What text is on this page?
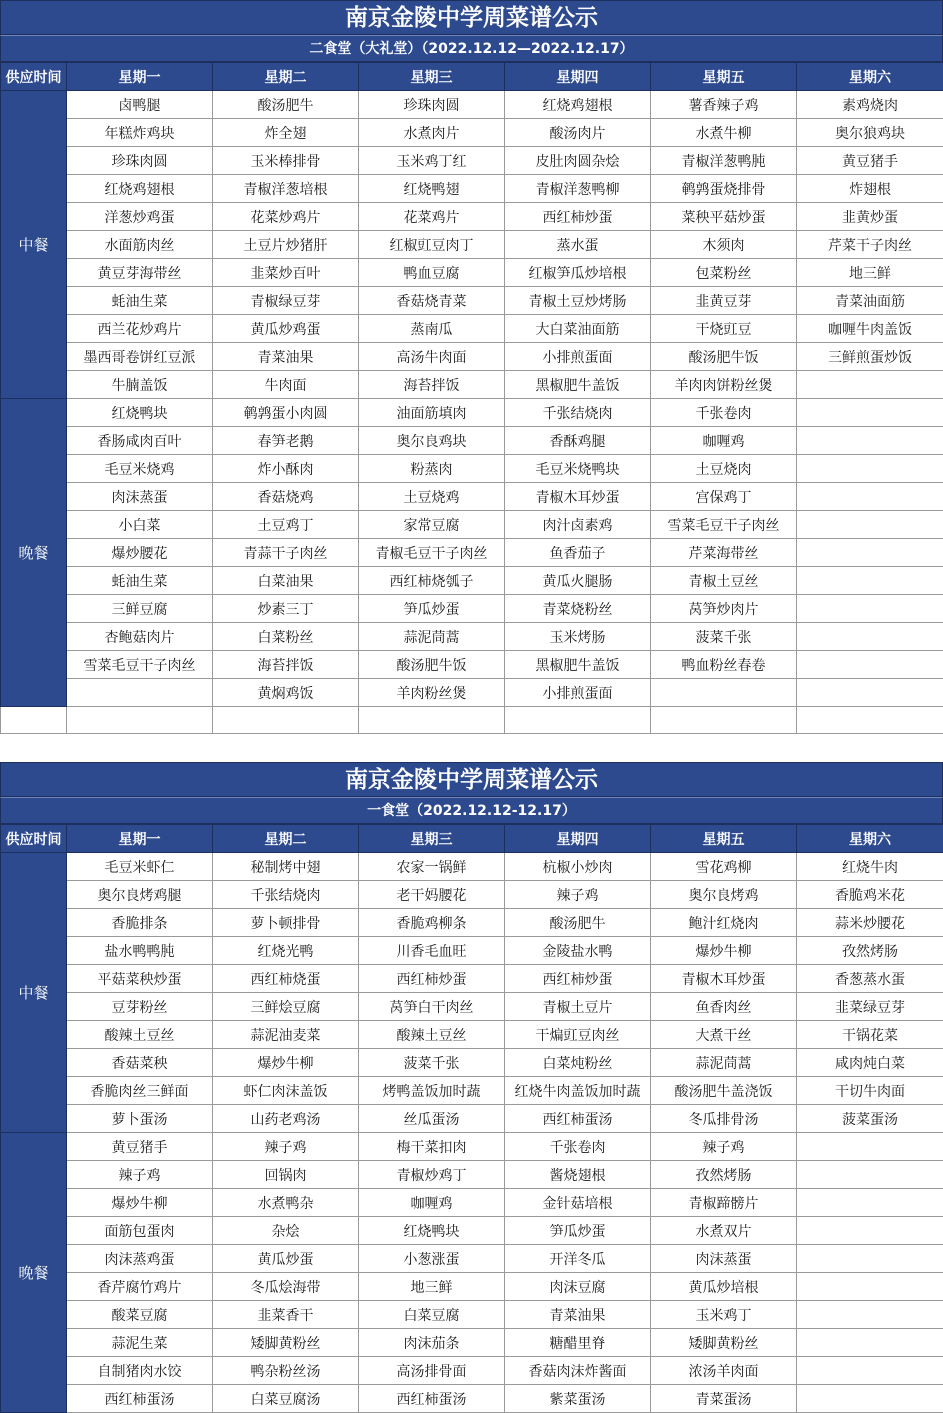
南京金陵中学周菜谱公示
二食堂（大礼堂）（2022.12.12—2022.12.17）
供应时间	星期一	星期二	星期三	星期四	星期五	星期六
中餐	卤鸭腿	酸汤肥牛	珍珠肉圆	红烧鸡翅根	薯香辣子鸡	素鸡烧肉
	年糕炸鸡块	炸全翅	水煮肉片	酸汤肉片	水煮牛柳	奥尔狼鸡块
	珍珠肉圆	玉米棒排骨	玉米鸡丁红	皮肚肉圆杂烩	青椒洋葱鸭肫	黄豆猪手
	红烧鸡翅根	青椒洋葱培根	红烧鸭翅	青椒洋葱鸭柳	鹌鹑蛋烧排骨	炸翅根
	洋葱炒鸡蛋	花菜炒鸡片	花菜鸡片	西红柿炒蛋	菜秧平菇炒蛋	韭黄炒蛋
	水面筋肉丝	土豆片炒猪肝	红椒豇豆肉丁	蒸水蛋	木须肉	芹菜干子肉丝
	黄豆芽海带丝	韭菜炒百叶	鸭血豆腐	红椒笋瓜炒培根	包菜粉丝	地三鲜
	蚝油生菜	青椒绿豆芽	香菇烧青菜	青椒土豆炒烤肠	韭黄豆芽	青菜油面筋
	西兰花炒鸡片	黄瓜炒鸡蛋	蒸南瓜	大白菜油面筋	干烧豇豆	咖喱牛肉盖饭
	墨西哥卷饼红豆派	青菜油果	高汤牛肉面	小排煎蛋面	酸汤肥牛饭	三鲜煎蛋炒饭
	牛腩盖饭	牛肉面	海苔拌饭	黑椒肥牛盖饭	羊肉肉饼粉丝煲	
晚餐	红烧鸭块	鹌鹑蛋小肉圆	油面筋填肉	千张结烧肉	千张卷肉	
	香肠咸肉百叶	春笋老鹅	奥尔良鸡块	香酥鸡腿	咖喱鸡	
	毛豆米烧鸡	炸小酥肉	粉蒸肉	毛豆米烧鸭块	土豆烧肉	
	肉沫蒸蛋	香菇烧鸡	土豆烧鸡	青椒木耳炒蛋	宫保鸡丁	
	小白菜	土豆鸡丁	家常豆腐	肉汁卤素鸡	雪菜毛豆干子肉丝	
	爆炒腰花	青蒜干子肉丝	青椒毛豆干子肉丝	鱼香茄子	芹菜海带丝	
	蚝油生菜	白菜油果	西红柿烧瓠子	黄瓜火腿肠	青椒土豆丝	
	三鲜豆腐	炒素三丁	笋瓜炒蛋	青菜烧粉丝	莴笋炒肉片	
	杏鲍菇肉片	白菜粉丝	蒜泥茼蒿	玉米烤肠	菠菜千张	
	雪菜毛豆干子肉丝	海苔拌饭	酸汤肥牛饭	黑椒肥牛盖饭	鸭血粉丝春卷	
		黄焖鸡饭	羊肉粉丝煲	小排煎蛋面		

南京金陵中学周菜谱公示
一食堂（2022.12.12-12.17）
供应时间	星期一	星期二	星期三	星期四	星期五	星期六
中餐	毛豆米虾仁	秘制烤中翅	农家一锅鲜	杭椒小炒肉	雪花鸡柳	红烧牛肉
	奥尔良烤鸡腿	千张结烧肉	老干妈腰花	辣子鸡	奥尔良烤鸡	香脆鸡米花
	香脆排条	萝卜顿排骨	香脆鸡柳条	酸汤肥牛	鲍汁红烧肉	蒜米炒腰花
	盐水鸭鸭肫	红烧光鸭	川香毛血旺	金陵盐水鸭	爆炒牛柳	孜然烤肠
	平菇菜秧炒蛋	西红柿烧蛋	西红柿炒蛋	西红柿炒蛋	青椒木耳炒蛋	香葱蒸水蛋
	豆芽粉丝	三鲜烩豆腐	莴笋白干肉丝	青椒土豆片	鱼香肉丝	韭菜绿豆芽
	酸辣土豆丝	蒜泥油麦菜	酸辣土豆丝	干煸豇豆肉丝	大煮干丝	干锅花菜
	香菇菜秧	爆炒牛柳	菠菜千张	白菜炖粉丝	蒜泥茼蒿	咸肉炖白菜
	香脆肉丝三鲜面	虾仁肉沫盖饭	烤鸭盖饭加时蔬	红烧牛肉盖饭加时蔬	酸汤肥牛盖浇饭	干切牛肉面
	萝卜蛋汤	山药老鸡汤	丝瓜蛋汤	西红柿蛋汤	冬瓜排骨汤	菠菜蛋汤
晚餐	黄豆猪手	辣子鸡	梅干菜扣肉	千张卷肉	辣子鸡	
	辣子鸡	回锅肉	青椒炒鸡丁	酱烧翅根	孜然烤肠	
	爆炒牛柳	水煮鸭杂	咖喱鸡	金针菇培根	青椒蹄髈片	
	面筋包蛋肉	杂烩	红烧鸭块	笋瓜炒蛋	水煮双片	
	肉沫蒸鸡蛋	黄瓜炒蛋	小葱涨蛋	开洋冬瓜	肉沫蒸蛋	
	香芹腐竹鸡片	冬瓜烩海带	地三鲜	肉沫豆腐	黄瓜炒培根	
	酸菜豆腐	韭菜香干	白菜豆腐	青菜油果	玉米鸡丁	
	蒜泥生菜	矮脚黄粉丝	肉沫茄条	糖醋里脊	矮脚黄粉丝	
	自制猪肉水饺	鸭杂粉丝汤	高汤排骨面	香菇肉沫炸酱面	浓汤羊肉面	
	西红柿蛋汤	白菜豆腐汤	西红柿蛋汤	紫菜蛋汤	青菜蛋汤	
